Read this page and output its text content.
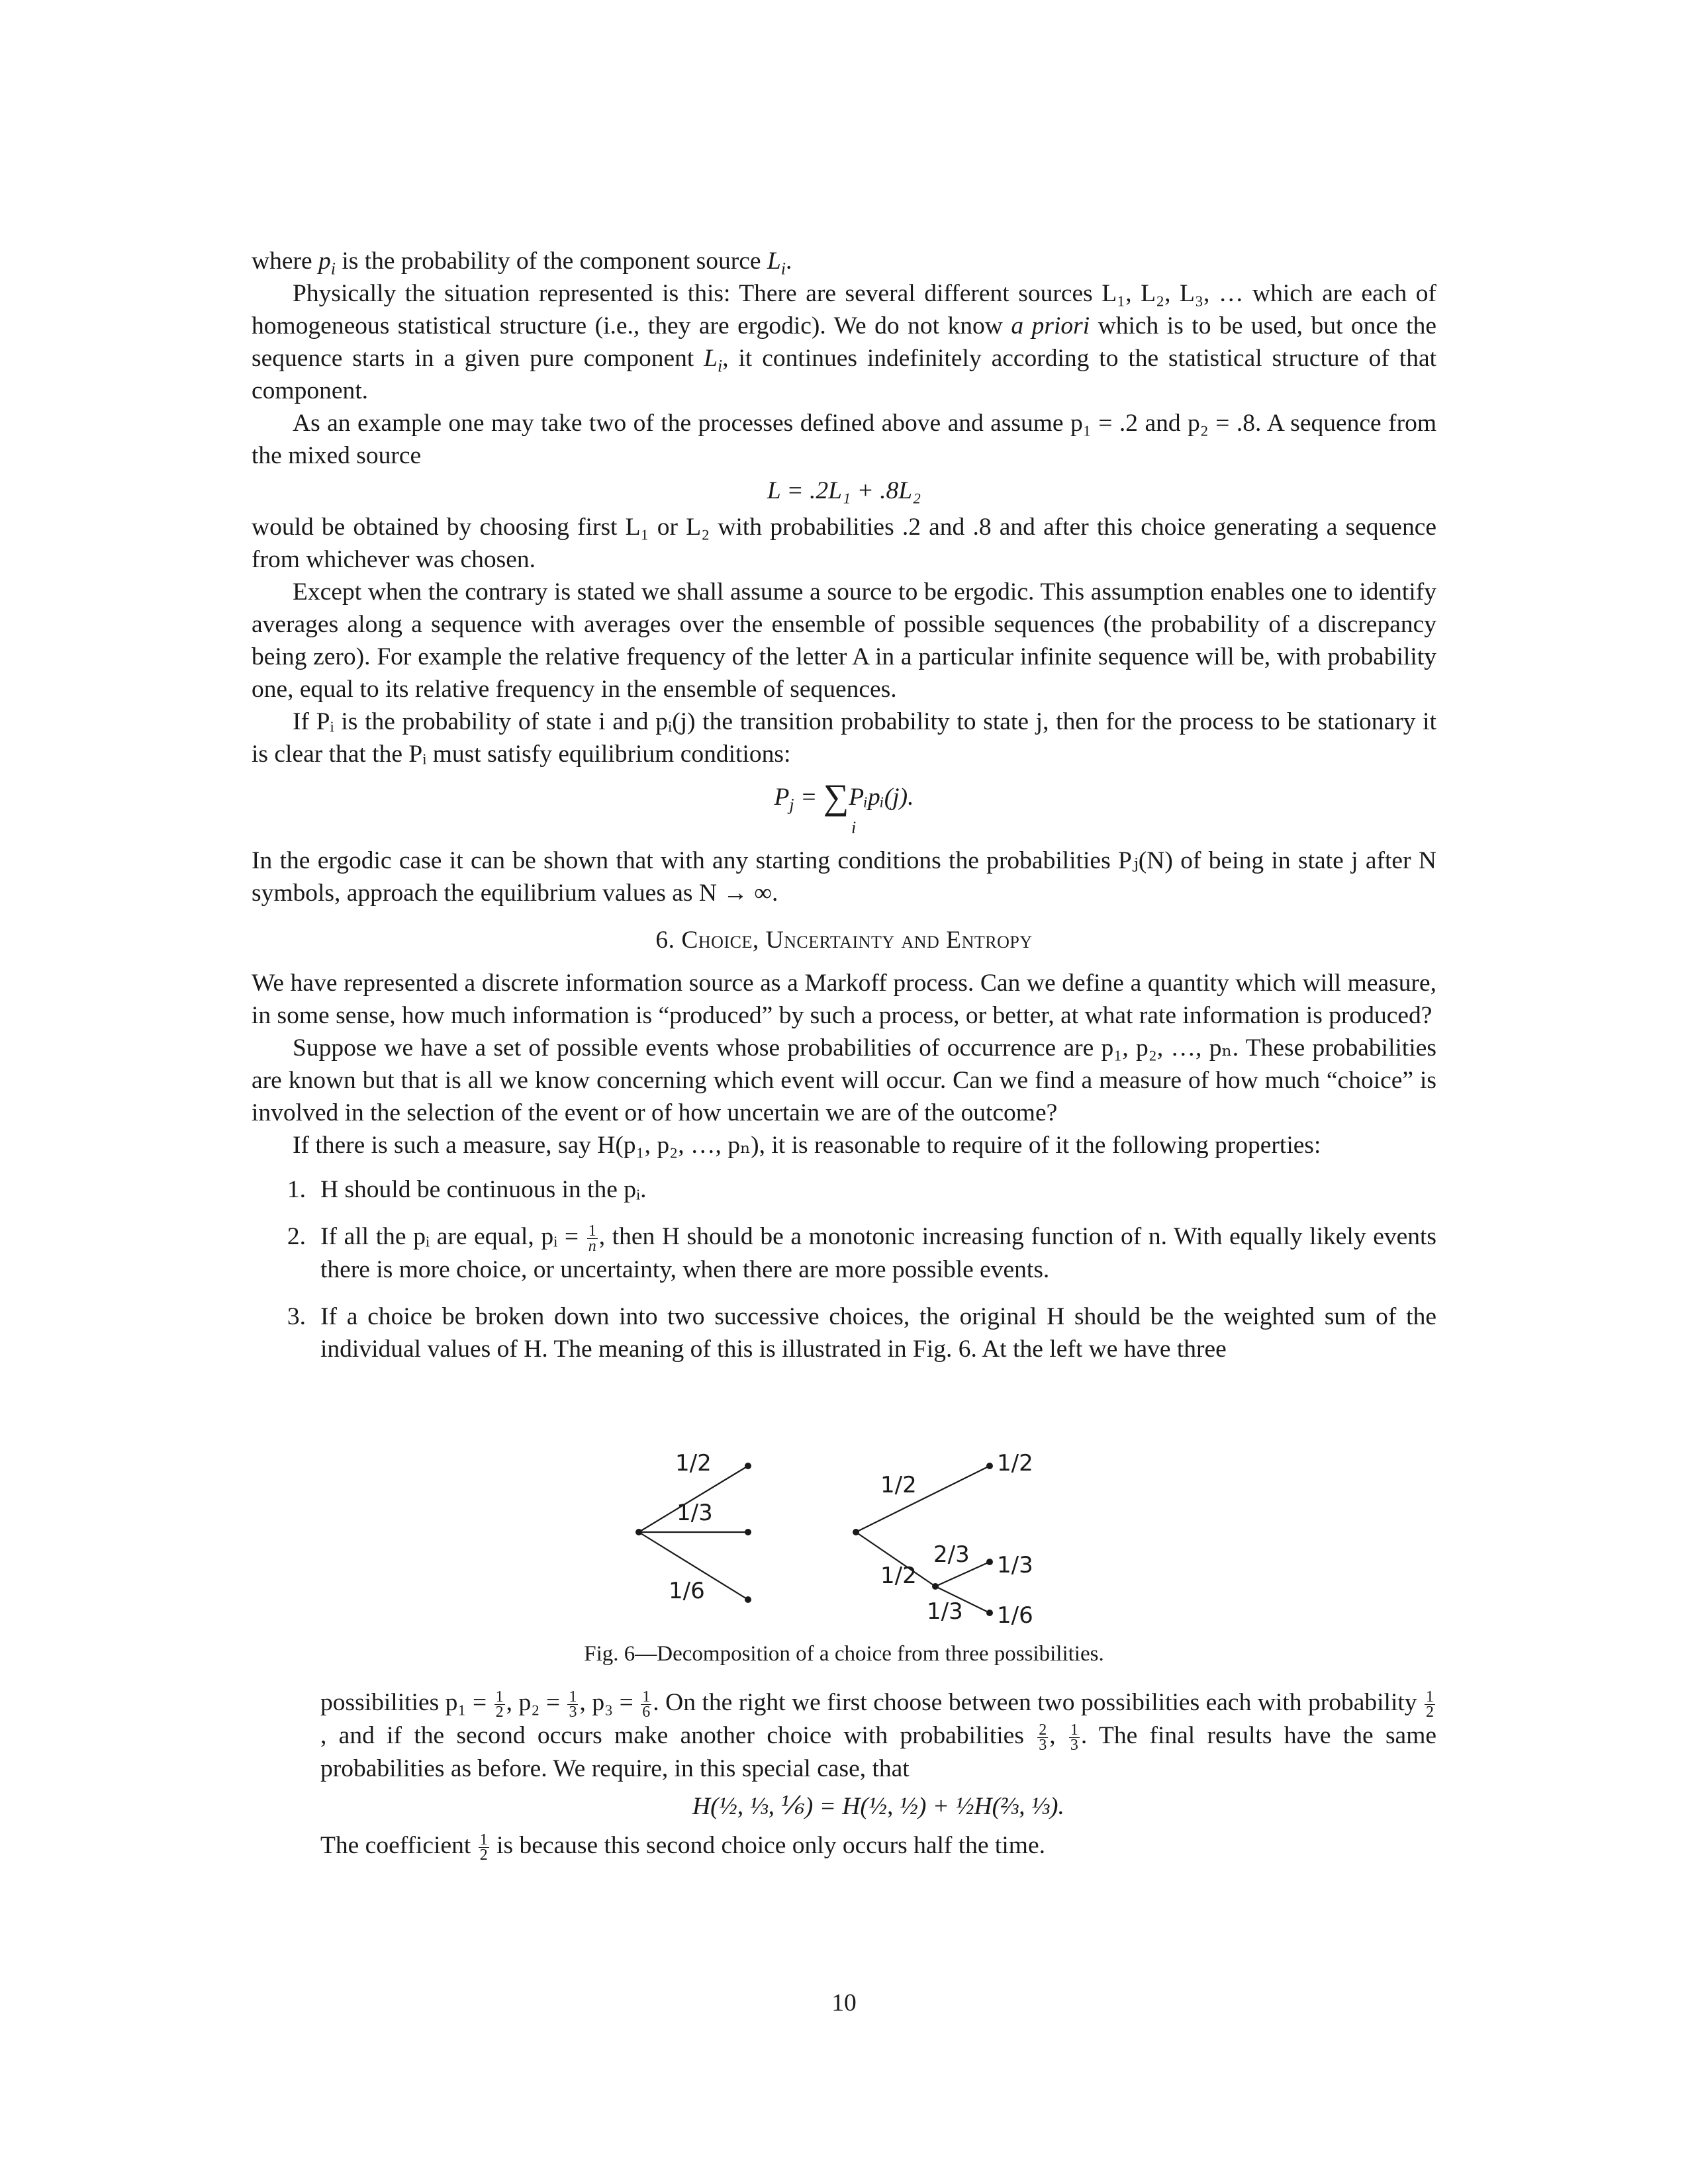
where $p_i$ is the probability of the component source $L_i$.

Physically the situation represented is this: There are several different sources L₁, L₂, L₃, … which are each of homogeneous statistical structure (i.e., they are ergodic). We do not know a priori which is to be used, but once the sequence starts in a given pure component $L_i$, it continues indefinitely according to the statistical structure of that component.

As an example one may take two of the processes defined above and assume p₁ = .2 and p₂ = .8. A sequence from the mixed source

L = .2L₁ + .8L₂

would be obtained by choosing first L₁ or L₂ with probabilities .2 and .8 and after this choice generating a sequence from whichever was chosen.

Except when the contrary is stated we shall assume a source to be ergodic. This assumption enables one to identify averages along a sequence with averages over the ensemble of possible sequences (the probability of a discrepancy being zero). For example the relative frequency of the letter A in a particular infinite sequence will be, with probability one, equal to its relative frequency in the ensemble of sequences.

If Pᵢ is the probability of state i and pᵢ(j) the transition probability to state j, then for the process to be stationary it is clear that the Pᵢ must satisfy equilibrium conditions:

$P_j$ = ∑Pᵢpᵢ(j).
i

In the ergodic case it can be shown that with any starting conditions the probabilities Pⱼ(N) of being in state j after N symbols, approach the equilibrium values as N → ∞.

6. Choice, Uncertainty and Entropy

We have represented a discrete information source as a Markoff process. Can we define a quantity which will measure, in some sense, how much information is “produced” by such a process, or better, at what rate information is produced?

Suppose we have a set of possible events whose probabilities of occurrence are p₁, p₂, …, pₙ. These probabilities are known but that is all we know concerning which event will occur. Can we find a measure of how much “choice” is involved in the selection of the event or of how uncertain we are of the outcome?

If there is such a measure, say H(p₁, p₂, …, pₙ), it is reasonable to require of it the following properties:

1. H should be continuous in the pᵢ.
2. If all the pᵢ are equal, pᵢ = $\frac{1}{n}$ , then H should be a monotonic increasing function of n. With equally likely events there is more choice, or uncertainty, when there are more possible events.
3. If a choice be broken down into two successive choices, the original H should be the weighted sum of the individual values of H. The meaning of this is illustrated in Fig. 6. At the left we have three
1/2
1/3
1/6
1/2
1/2
1/2
2/3 1/3
1/3 1/6

Fig. 6—Decomposition of a choice from three possibilities.

possibilities $p_1 = \frac{1}{2}$ , $p_2 = \frac{1}{3}$ , $p_3 = \frac{1}{6}$ . On the right we first choose between two possibilities each with probability $\frac{1}{2}$
, and if the second occurs make another choice with probabilities $\frac{2}{3}$ , $\frac{1}{3}$ . The final results have the same probabilities as before. We require, in this special case, that

H(½, ⅓, ⅙) = H(½, ½) + ½H(⅔, ⅓).

The coefficient $\frac{1}{2}$ is because this second choice only occurs half the time.

10
